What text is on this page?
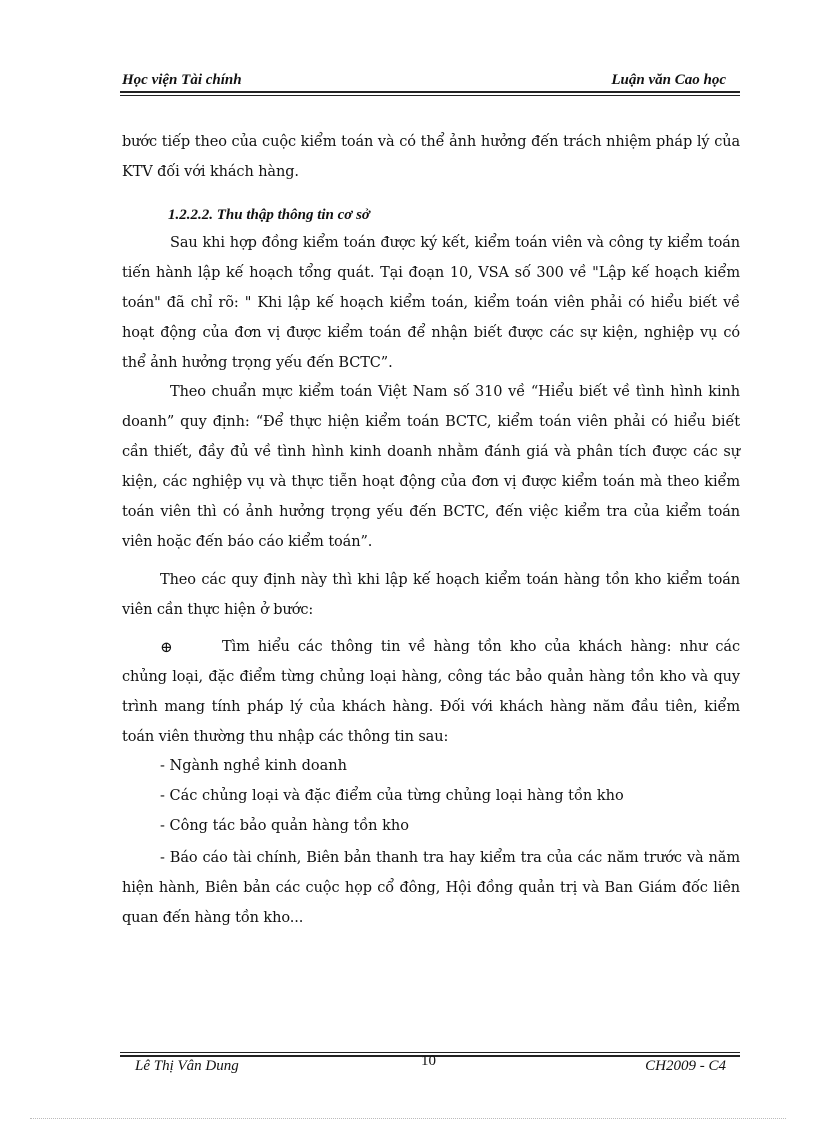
Học viện Tài chính	Luận văn Cao học
bước tiếp theo của cuộc kiểm toán và có thể ảnh hưởng đến trách nhiệm pháp lý của KTV đối với khách hàng.
1.2.2.2. Thu thập thông tin cơ sở
Sau khi hợp đồng kiểm toán được ký kết, kiểm toán viên và công ty kiểm toán tiến hành lập kế hoạch tổng quát. Tại đoạn 10, VSA số 300 về "Lập kế hoạch kiểm toán" đã chỉ rõ: " Khi lập kế hoạch kiểm toán, kiểm toán viên phải có hiểu biết về hoạt động của đơn vị được kiểm toán để nhận biết được các sự kiện, nghiệp vụ có thể ảnh hưởng trọng yếu đến BCTC”.
Theo chuẩn mực kiểm toán Việt Nam số 310 về “Hiểu biết về tình hình kinh doanh” quy định: “Để thực hiện kiểm toán BCTC, kiểm toán viên phải có hiểu biết cần thiết, đầy đủ về tình hình kinh doanh nhằm đánh giá và phân tích được các sự kiện, các nghiệp vụ và thực tiễn hoạt động của đơn vị được kiểm toán mà theo kiểm toán viên thì có ảnh hưởng trọng yếu đến BCTC, đến việc kiểm tra của kiểm toán viên hoặc đến báo cáo kiểm toán”.
Theo các quy định này thì khi lập kế hoạch kiểm toán hàng tồn kho kiểm toán viên cần thực hiện ở bước:
⊕	Tìm hiểu các thông tin về hàng tồn kho của khách hàng: như các chủng loại, đặc điểm từng chủng loại hàng, công tác bảo quản hàng tồn kho và quy trình mang tính pháp lý của khách hàng. Đối với khách hàng năm đầu tiên, kiểm toán viên thường thu nhập các thông tin sau:
- Ngành nghề kinh doanh
- Các chủng loại và đặc điểm của từng chủng loại hàng tồn kho
- Công tác bảo quản hàng tồn kho
- Báo cáo tài chính, Biên bản thanh tra hay kiểm tra của các năm trước và năm hiện hành, Biên bản các cuộc họp cổ đông, Hội đồng quản trị và Ban Giám đốc liên quan đến hàng tồn kho...
Lê Thị Vân Dung	10	CH2009 - C4
